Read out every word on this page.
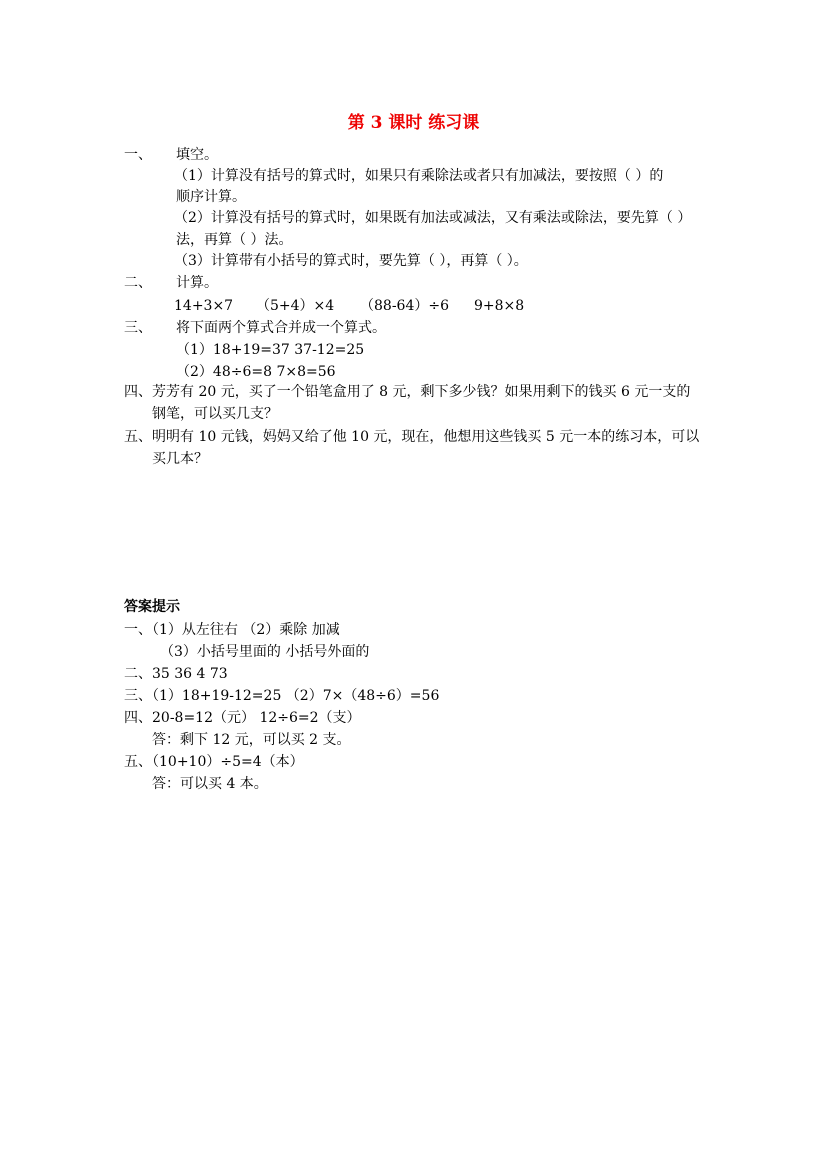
第 3 课时 练习课
一、 填空。
（1）计算没有括号的算式时，如果只有乘除法或者只有加减法，要按照（ ）的
顺序计算。
（2）计算没有括号的算式时，如果既有加法或减法，又有乘法或除法，要先算（ ）
法，再算（ ）法。
（3）计算带有小括号的算式时，要先算（ ），再算（ ）。
二、 计算。
14+3×7 （5+4）×4 （88-64）÷6 9+8×8
三、 将下面两个算式合并成一个算式。
（1）18+19=37 37-12=25
（2）48÷6=8 7×8=56
四、 芳芳有 20 元，买了一个铅笔盒用了 8 元，剩下多少钱？如果用剩下的钱买 6 元一支的
钢笔，可以买几支？
五、 明明有 10 元钱，妈妈又给了他 10 元，现在，他想用这些钱买 5 元一本的练习本，可以
买几本？
答案提示
一、（1）从左往右 （2）乘除 加减
（3）小括号里面的 小括号外面的
二、35 36 4 73
三、（1）18+19-12=25 （2）7×（48÷6）=56
四、20-8=12（元） 12÷6=2（支）
答：剩下 12 元，可以买 2 支。
五、（10+10）÷5=4（本）
答：可以买 4 本。
